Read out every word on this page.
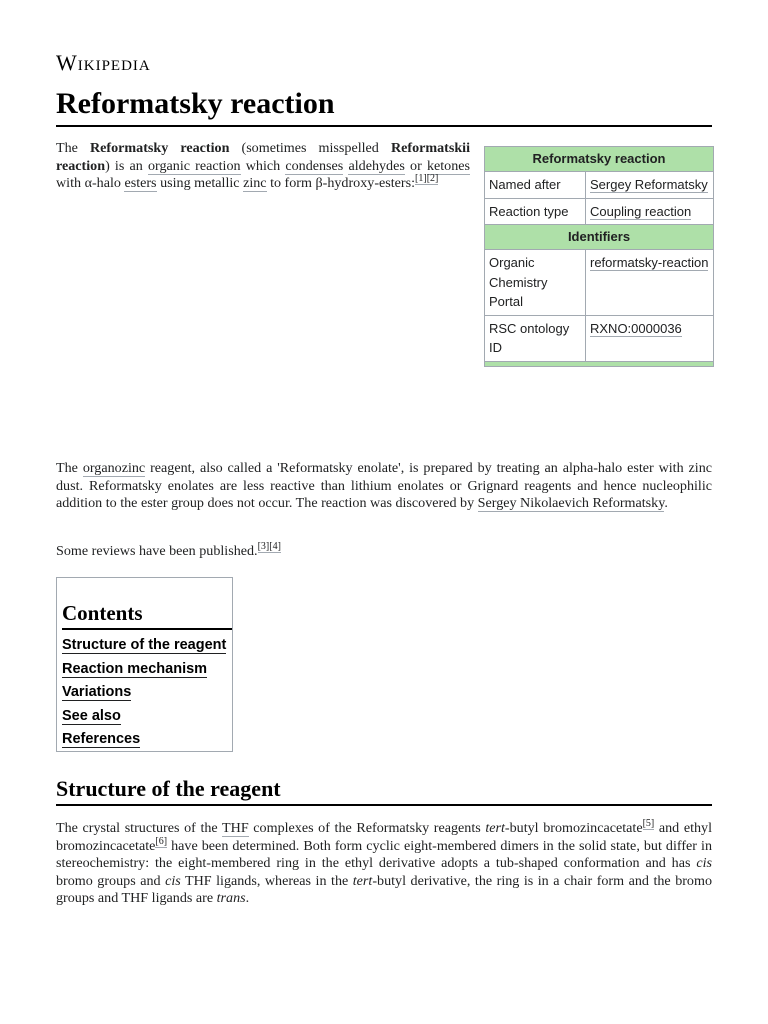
Wikipedia
Reformatsky reaction

The Reformatsky reaction (sometimes misspelled Reformatskii reaction) is an organic reaction which condenses aldehydes or ketones with α-halo esters using metallic zinc to form β-hydroxy-esters:[1][2]

Reformatsky reaction
Named after	Sergey Reformatsky
Reaction type	Coupling reaction
Identifiers
Organic Chemistry Portal
reformatsky-reaction
RSC ontology ID
RXNO:0000036

The organozinc reagent, also called a 'Reformatsky enolate', is prepared by treating an alpha-halo ester with zinc dust. Reformatsky enolates are less reactive than lithium enolates or Grignard reagents and hence nucleophilic addition to the ester group does not occur. The reaction was discovered by Sergey Nikolaevich Reformatsky.

Some reviews have been published.[3][4]

Contents
Structure of the reagent
Reaction mechanism
Variations
See also
References
Structure of the reagent

The crystal structures of the THF complexes of the Reformatsky reagents tert-butyl bromozincacetate[5] and ethyl bromozincacetate[6] have been determined. Both form cyclic eight-membered dimers in the solid state, but differ in stereochemistry: the eight-membered ring in the ethyl derivative adopts a tub-shaped conformation and has cis bromo groups and cis THF ligands, whereas in the tert-butyl derivative, the ring is in a chair form and the bromo groups and THF ligands are trans.
